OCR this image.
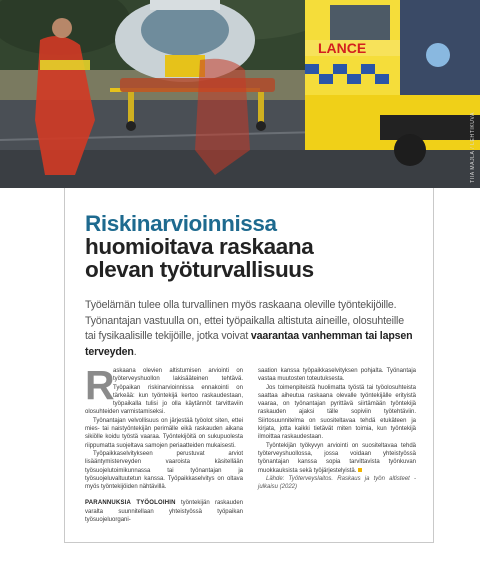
LANCE
TIIA MAJLA / LEHTIKUVA
Riskinarvioinnissa
huomioitava raskaana
olevan työturvallisuus
Työelämän tulee olla turvallinen myös raskaana oleville työntekijöille. Työnantajan vastuulla on, ettei työpaikalla altistuta aineille, olosuhteille tai fysikaalisille tekijöille, jotka voivat vaarantaa vanhemman tai lapsen terveyden.
R

askaana olevien altistumisen arviointi on työterveyshuollon lakisääteinen tehtävä. Työpaikan riskinarvioinnissa ennakointi on tärkeää: kun työntekijä kertoo raskaudestaan, työpaikalla tulisi jo olla käytännöt tarvittaviin olosuhteiden varmistamiseksi.

Työnantajan velvollisuus on järjestää työolot siten, ettei mies- tai naistyöntekijän perimälle eikä raskauden aikana sikiölle koidu työstä vaaraa. Työntekijöitä on sukupuolesta riippumatta suojeltava samojen periaatteiden mukaisesti.

Työpaikkaselvitykseen perustuvat arviot lisääntymisterveyden vaaroista käsitellään työsuojelutoimikunnassa tai työnantajan ja työsuojeluvaltuutetun kanssa. Työpaikkaselvitys on oltava myös työntekijöiden nähtävillä.

PARANNUKSIA TYÖOLOIHIN työntekijän raskauden varalta suunnitellaan yhteistyössä työpaikan työsuojeluorgani-

saation kanssa työpaikkaselvityksen pohjalta. Työnantaja vastaa muutosten toteutuksesta.

Jos toimenpiteistä huolimatta työstä tai työolosuhteista saattaa aiheutua raskaana olevalle työntekijälle erityistä vaaraa, on työnantajan pyrittävä siirtämään työntekijä raskauden ajaksi tälle sopiviin työtehtäviin. Siirtosuunnitelma on suositeltavaa tehdä etukäteen ja kirjata, jotta kaikki tietävät miten toimia, kun työntekijä ilmoittaa raskaudestaan.

Työntekijän työkyvyn arviointi on suositeltavaa tehdä työterveyshuollossa, jossa voidaan yhteistyössä työnantajan kanssa sopia tarvittavista työnkuvan muokkauksista sekä työjärjestelyistä.

Lähde: Työterveyslaitos. Raskaus ja työn altisteet -julkaisu (2022)
